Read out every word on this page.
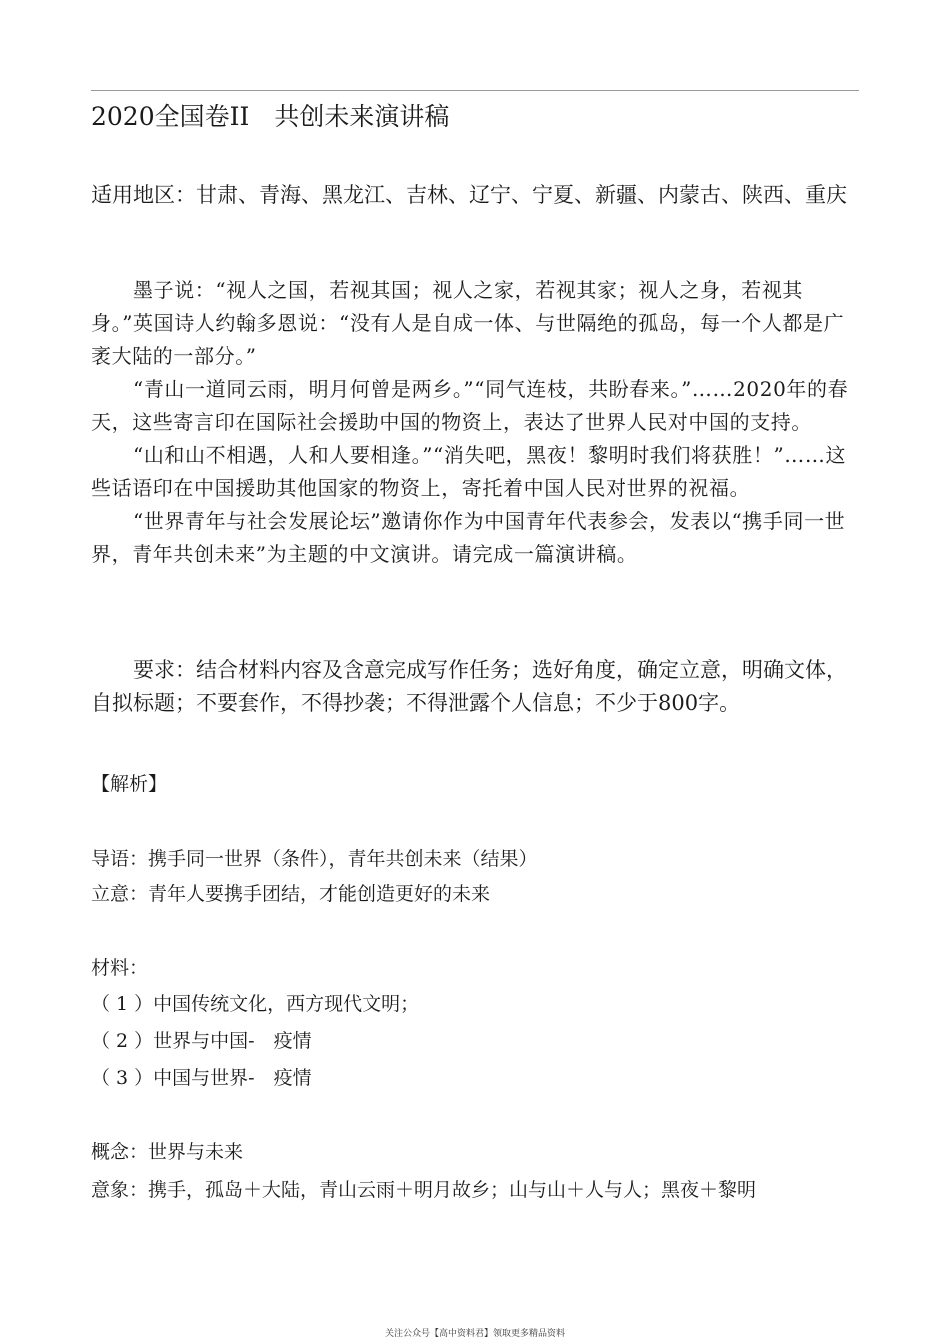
2020全国卷II　共创未来演讲稿
适用地区：甘肃、青海、黑龙江、吉林、辽宁、宁夏、新疆、内蒙古、陕西、重庆

墨子说：“视人之国，若视其国；视人之家，若视其家；视人之身，若视其身。”英国诗人约翰多恩说：“没有人是自成一体、与世隔绝的孤岛，每一个人都是广袤大陆的一部分。”

“青山一道同云雨，明月何曾是两乡。”“同气连枝，共盼春来。”……2020年的春天，这些寄言印在国际社会援助中国的物资上，表达了世界人民对中国的支持。

“山和山不相遇，人和人要相逢。”“消失吧，黑夜！黎明时我们将获胜！”……这些话语印在中国援助其他国家的物资上，寄托着中国人民对世界的祝福。

“世界青年与社会发展论坛”邀请你作为中国青年代表参会，发表以“携手同一世界，青年共创未来”为主题的中文演讲。请完成一篇演讲稿。

要求：结合材料内容及含意完成写作任务；选好角度，确定立意，明确文体，自拟标题；不要套作，不得抄袭；不得泄露个人信息；不少于800字。

【解析】
导语：携手同一世界（条件），青年共创未来（结果）
立意：青年人要携手团结，才能创造更好的未来
材料：
（ 1 ）中国传统文化，西方现代文明；
（ 2 ）世界与中国-　疫情
（ 3 ）中国与世界-　疫情
概念：世界与未来
意象：携手，孤岛＋大陆，青山云雨＋明月故乡；山与山＋人与人；黑夜＋黎明
关注公众号【高中资料君】领取更多精品资料
